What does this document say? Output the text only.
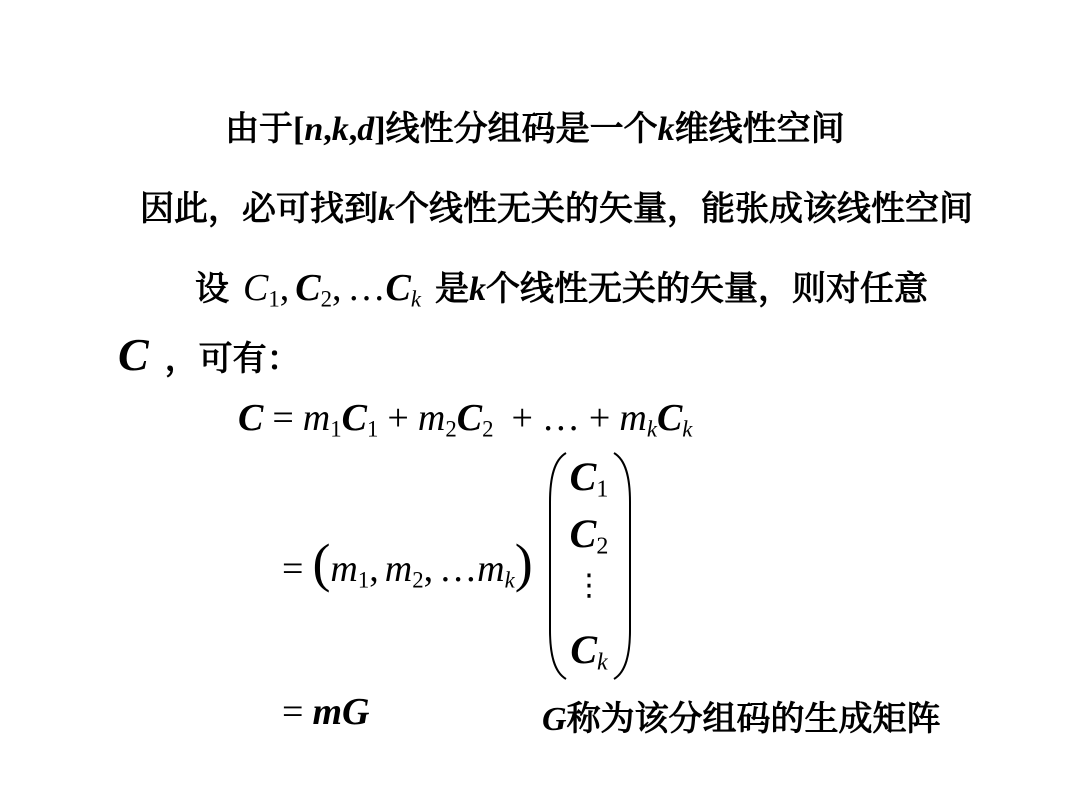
由于 [ n , k , d ] 线性分组码是一个 k 维线性空间
因此，必可找到 k 个线性无关的矢量，能张成该线性空间
设 $C_1$ , $C_2$ , … $C_k$ 是 k 个线性无关的矢量，则对任意
C ，可有：
$C = m_1C_1 + m_2C_2$ + … + $m_kC_k$
= ( $m_1$ , $m_2$ , … $m_k$ )
$C_1$
$C_2$
⋮
$C_k$
= mG	G 称为该分组码的生成矩阵
